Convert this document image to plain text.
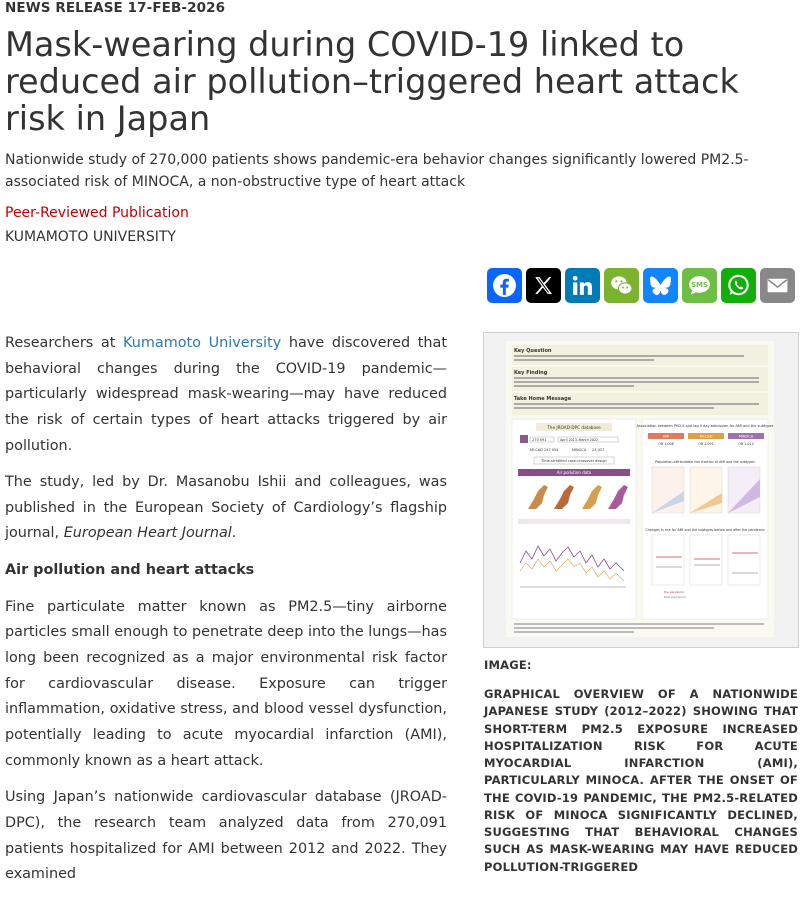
NEWS RELEASE 17-FEB-2026
Mask-wearing during COVID-19 linked to reduced air pollution–triggered heart attack risk in Japan

Nationwide study of 270,000 patients shows pandemic-era behavior changes significantly lowered PM2.5-associated risk of MINOCA, a non-obstructive type of heart attack

Peer-Reviewed Publication
KUMAMOTO UNIVERSITY
SMS

Researchers at Kumamoto University have discovered that behavioral changes during the COVID-19 pandemic—particularly widespread mask-wearing—may have reduced the risk of certain types of heart attacks triggered by air pollution.

The study, led by Dr. Masanobu Ishii and colleagues, was published in the European Society of Cardiology’s flagship journal, European Heart Journal.

Air pollution and heart attacks

Fine particulate matter known as PM2.5—tiny airborne particles small enough to penetrate deep into the lungs—has long been recognized as a major environmental risk factor for cardiovascular disease. Exposure can trigger inflammation, oxidative stress, and blood vessel dysfunction, potentially leading to acute myocardial infarction (AMI), commonly known as a heart attack.

Using Japan’s nationwide cardiovascular database (JROAD-DPC), the research team analyzed data from 270,091 patients hospitalized for AMI between 2012 and 2022. They examined

Key Question
Key Finding
Take Home Message
The JROAD-DPC database
270 091	April 2013–March 2022
MI-CAD 247 054	MINOCA 23 037
Time-stratified case-crossover design
Air pollution data
Association between PM2.5 and lag 0 day admission for AMI and the subtypes
AMI	MI-CAD	MINOCA
OR 1.008	OR 1.091	OR 1.014
Population-attributable risk fraction of AMI and the subtypes
Changes in risk for AMI and the subtypes before and after the pandemic
Pre-pandemic
Post-pandemic
IMAGE:
GRAPHICAL OVERVIEW OF A NATIONWIDE JAPANESE STUDY (2012–2022) SHOWING THAT SHORT-TERM PM2.5 EXPOSURE INCREASED HOSPITALIZATION RISK FOR ACUTE MYOCARDIAL INFARCTION (AMI), PARTICULARLY MINOCA. AFTER THE ONSET OF THE COVID-19 PANDEMIC, THE PM2.5-RELATED RISK OF MINOCA SIGNIFICANTLY DECLINED, SUGGESTING THAT BEHAVIORAL CHANGES SUCH AS MASK-WEARING MAY HAVE REDUCED POLLUTION-TRIGGERED
